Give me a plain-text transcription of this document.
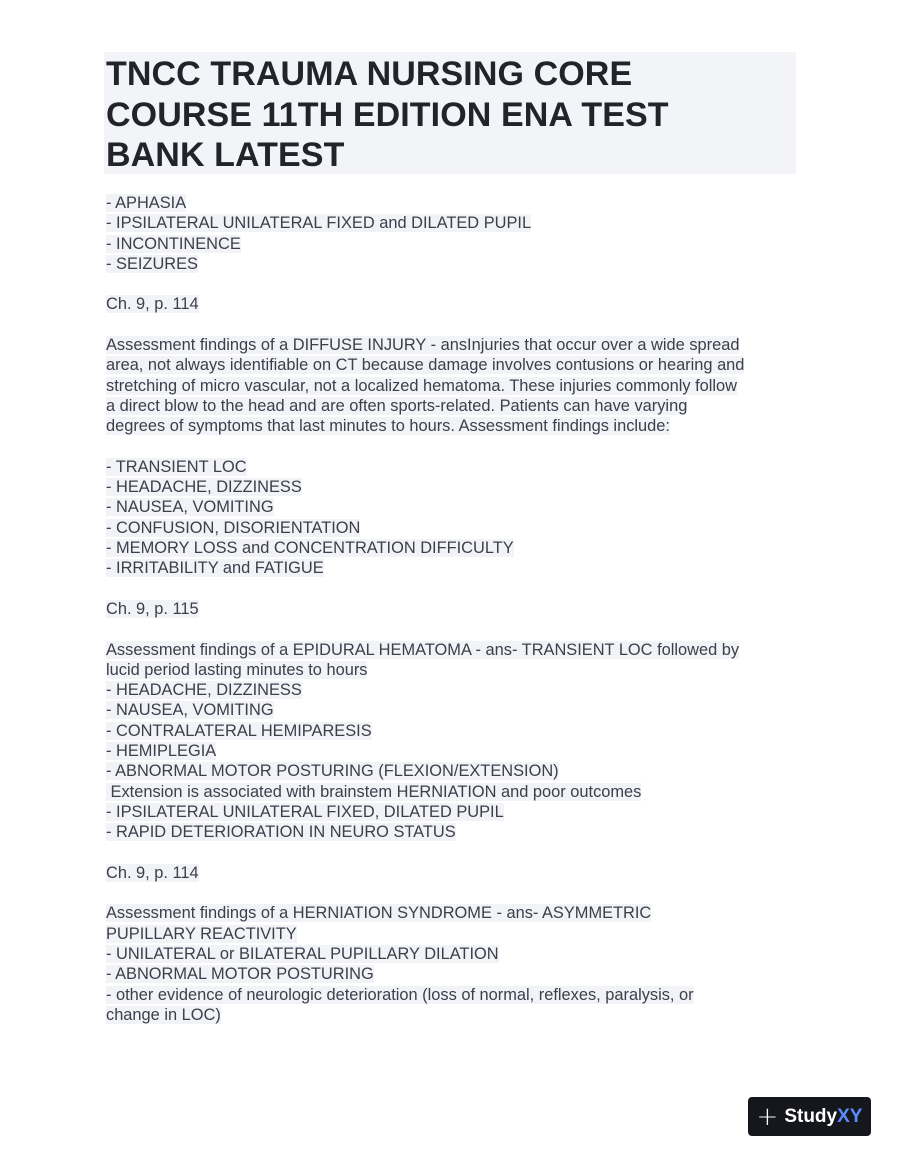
TNCC TRAUMA NURSING CORE
COURSE 11TH EDITION ENA TEST
BANK LATEST
- APHASIA
- IPSILATERAL UNILATERAL FIXED and DILATED PUPIL
- INCONTINENCE
- SEIZURES
Ch. 9, p. 114
Assessment findings of a DIFFUSE INJURY - ansInjuries that occur over a wide spread
area, not always identifiable on CT because damage involves contusions or hearing and
stretching of micro vascular, not a localized hematoma. These injuries commonly follow
a direct blow to the head and are often sports-related. Patients can have varying
degrees of symptoms that last minutes to hours. Assessment findings include:
- TRANSIENT LOC
- HEADACHE, DIZZINESS
- NAUSEA, VOMITING
- CONFUSION, DISORIENTATION
- MEMORY LOSS and CONCENTRATION DIFFICULTY
- IRRITABILITY and FATIGUE
Ch. 9, p. 115
Assessment findings of a EPIDURAL HEMATOMA - ans- TRANSIENT LOC followed by
lucid period lasting minutes to hours
- HEADACHE, DIZZINESS
- NAUSEA, VOMITING
- CONTRALATERAL HEMIPARESIS
- HEMIPLEGIA
- ABNORMAL MOTOR POSTURING (FLEXION/EXTENSION)
Extension is associated with brainstem HERNIATION and poor outcomes
- IPSILATERAL UNILATERAL FIXED, DILATED PUPIL
- RAPID DETERIORATION IN NEURO STATUS
Ch. 9, p. 114
Assessment findings of a HERNIATION SYNDROME - ans- ASYMMETRIC
PUPILLARY REACTIVITY
- UNILATERAL or BILATERAL PUPILLARY DILATION
- ABNORMAL MOTOR POSTURING
- other evidence of neurologic deterioration (loss of normal, reflexes, paralysis, or
change in LOC)
+ StudyXY
